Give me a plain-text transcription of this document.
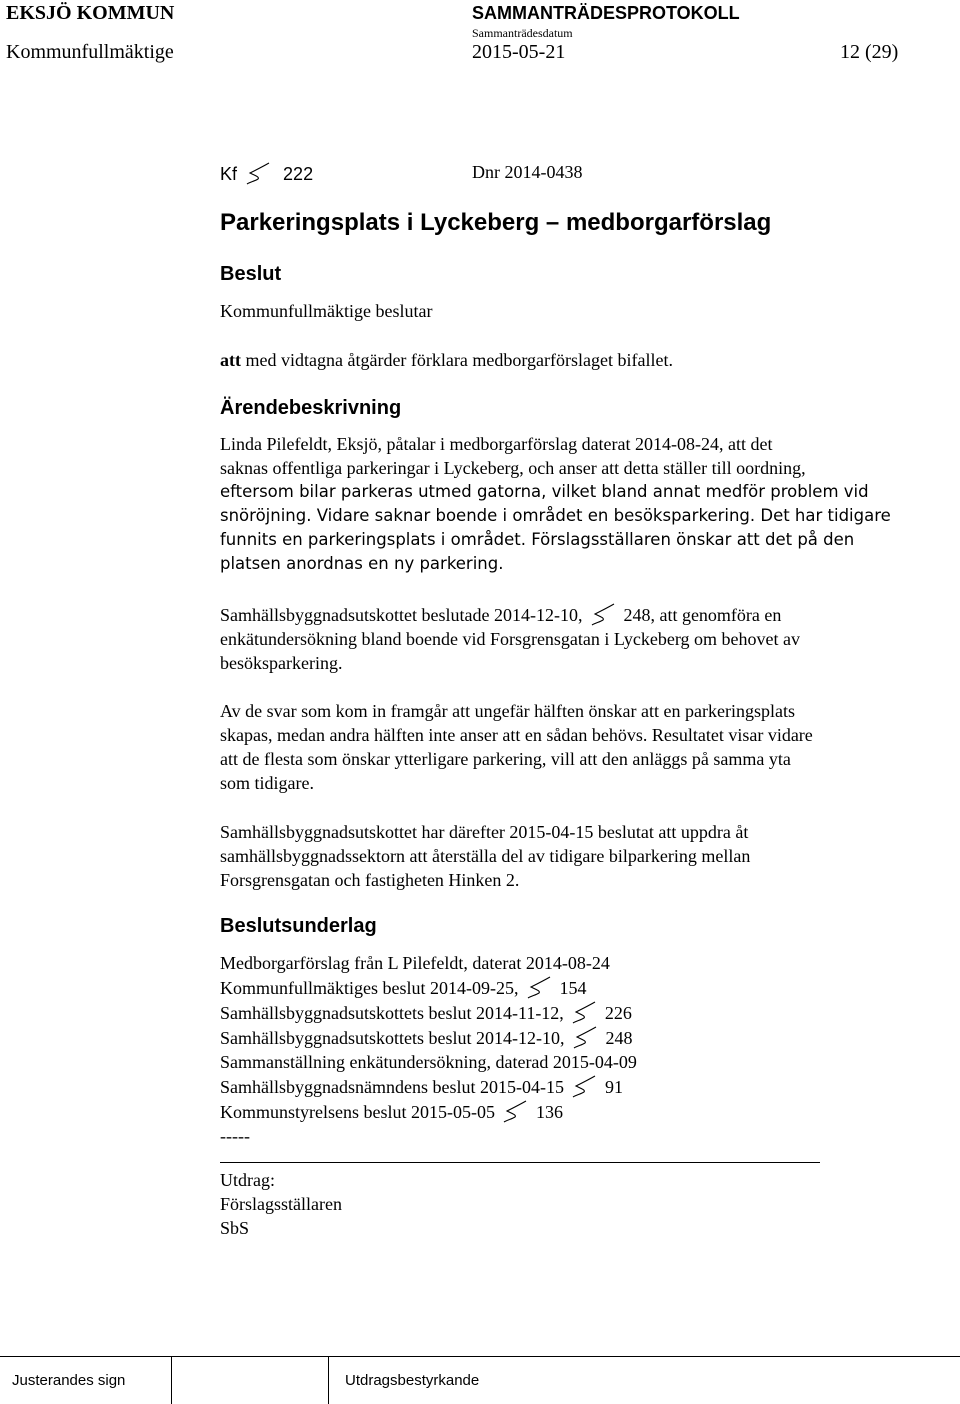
EKSJÖ KOMMUN	SAMMANTRÄDESPROTOKOLL
Sammanträdesdatum
Kommunfullmäktige	2015-05-21	12 (29)
Kf	222	Dnr 2014-0438
Parkeringsplats i Lyckeberg – medborgarförslag
Beslut
Kommunfullmäktige beslutar
att med vidtagna åtgärder förklara medborgarförslaget bifallet.
Ärendebeskrivning
Linda Pilefeldt, Eksjö, påtalar i medborgarförslag daterat 2014-08-24, att det
saknas offentliga parkeringar i Lyckeberg, och anser att detta ställer till oordning,
eftersom bilar parkeras utmed gatorna, vilket bland annat medför problem vid
snöröjning. Vidare saknar boende i området en besöksparkering. Det har tidigare
funnits en parkeringsplats i området. Förslagsställaren önskar att det på den
platsen anordnas en ny parkering.
Samhällsbyggnadsutskottet beslutade 2014-12-10, 248, att genomföra en
enkätundersökning bland boende vid Forsgrensgatan i Lyckeberg om behovet av
besöksparkering.
Av de svar som kom in framgår att ungefär hälften önskar att en parkeringsplats
skapas, medan andra hälften inte anser att en sådan behövs. Resultatet visar vidare
att de flesta som önskar ytterligare parkering, vill att den anläggs på samma yta
som tidigare.
Samhällsbyggnadsutskottet har därefter 2015-04-15 beslutat att uppdra åt
samhällsbyggnadssektorn att återställa del av tidigare bilparkering mellan
Forsgrensgatan och fastigheten Hinken 2.
Beslutsunderlag
Medborgarförslag från L Pilefeldt, daterat 2014-08-24
Kommunfullmäktiges beslut 2014-09-25, 154
Samhällsbyggnadsutskottets beslut 2014-11-12, 226
Samhällsbyggnadsutskottets beslut 2014-12-10, 248
Sammanställning enkätundersökning, daterad 2015-04-09
Samhällsbyggnadsnämndens beslut 2015-04-15 91
Kommunstyrelsens beslut 2015-05-05 136
-----
Utdrag:
Förslagsställaren
SbS
Justerandes sign	Utdragsbestyrkande
